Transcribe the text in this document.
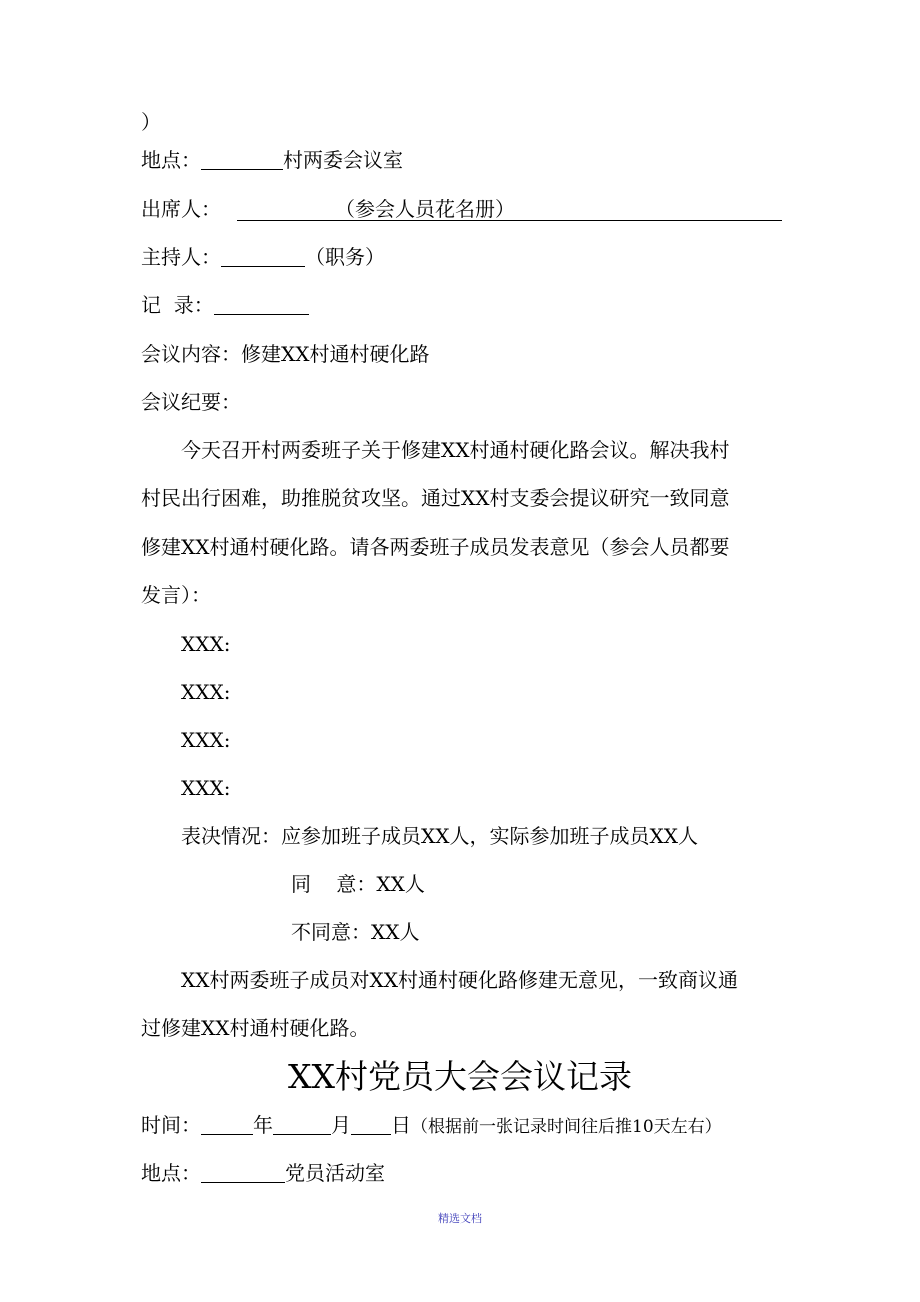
）
地点：	村两委会议室
出席人：	（参会人员花名册）
主持人：	（职务）
记  录：
会议内容：修建XX村通村硬化路
会议纪要：
今天召开村两委班子关于修建XX村通村硬化路会议。解决我村
村民出行困难，助推脱贫攻坚。通过XX村支委会提议研究一致同意
修建XX村通村硬化路。请各两委班子成员发表意见（参会人员都要
发言）：
XXX:
XXX:
XXX:
XXX:
表决情况：应参加班子成员XX人，实际参加班子成员XX人
同    意：XX人
不同意：XX人
XX村两委班子成员对XX村通村硬化路修建无意见，一致商议通
过修建XX村通村硬化路。
XX村党员大会会议记录
时间：	年	月 日（根据前一张记录时间往后推10天左右）
地点：	党员活动室
精选文档
